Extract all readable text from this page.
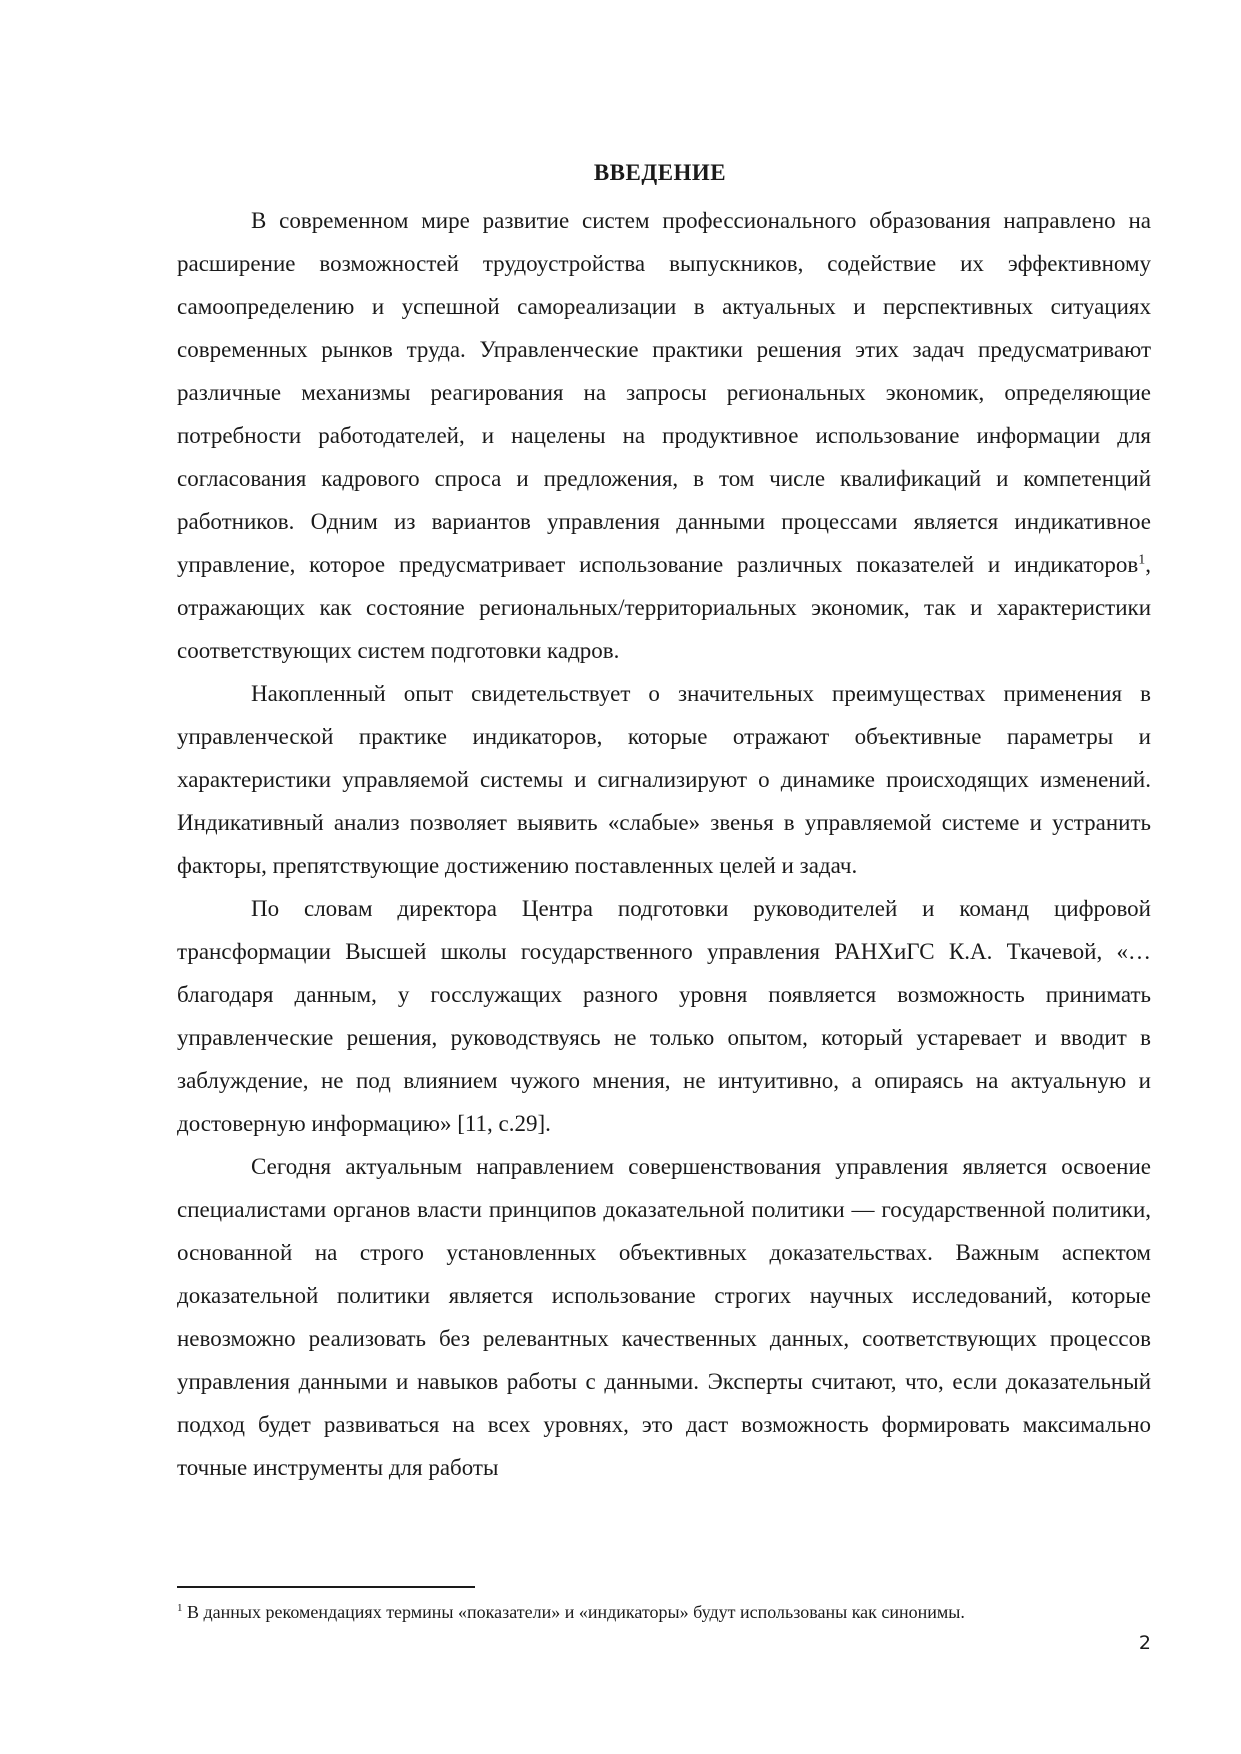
ВВЕДЕНИЕ

В современном мире развитие систем профессионального образования направлено на расширение возможностей трудоустройства выпускников, содействие их эффективному самоопределению и успешной самореализации в актуальных и перспективных ситуациях современных рынков труда. Управленческие практики решения этих задач предусматривают различные механизмы реагирования на запросы региональных экономик, определяющие потребности работодателей, и нацелены на продуктивное использование информации для согласования кадрового спроса и предложения, в том числе квалификаций и компетенций работников. Одним из вариантов управления данными процессами является индикативное управление, которое предусматривает использование различных показателей и индикаторов$^1$, отражающих как состояние региональных/территориальных экономик, так и характеристики соответствующих систем подготовки кадров.

Накопленный опыт свидетельствует о значительных преимуществах применения в управленческой практике индикаторов, которые отражают объективные параметры и характеристики управляемой системы и сигнализируют о динамике происходящих изменений. Индикативный анализ позволяет выявить «слабые» звенья в управляемой системе и устранить факторы, препятствующие достижению поставленных целей и задач.

По словам директора Центра подготовки руководителей и команд цифровой трансформации Высшей школы государственного управления РАНХиГС К.А. Ткачевой, «… благодаря данным, у госслужащих разного уровня появляется возможность принимать управленческие решения, руководствуясь не только опытом, который устаревает и вводит в заблуждение, не под влиянием чужого мнения, не интуитивно, а опираясь на актуальную и достоверную информацию» [11, с.29].

Сегодня актуальным направлением совершенствования управления является освоение специалистами органов власти принципов доказательной политики — государственной политики, основанной на строго установленных объективных доказательствах. Важным аспектом доказательной политики является использование строгих научных исследований, которые невозможно реализовать без релевантных качественных данных, соответствующих процессов управления данными и навыков работы с данными. Эксперты считают, что, если доказательный подход будет развиваться на всех уровнях, это даст возможность формировать максимально точные инструменты для работы

$^1$ В данных рекомендациях термины «показатели» и «индикаторы» будут использованы как синонимы.

2
